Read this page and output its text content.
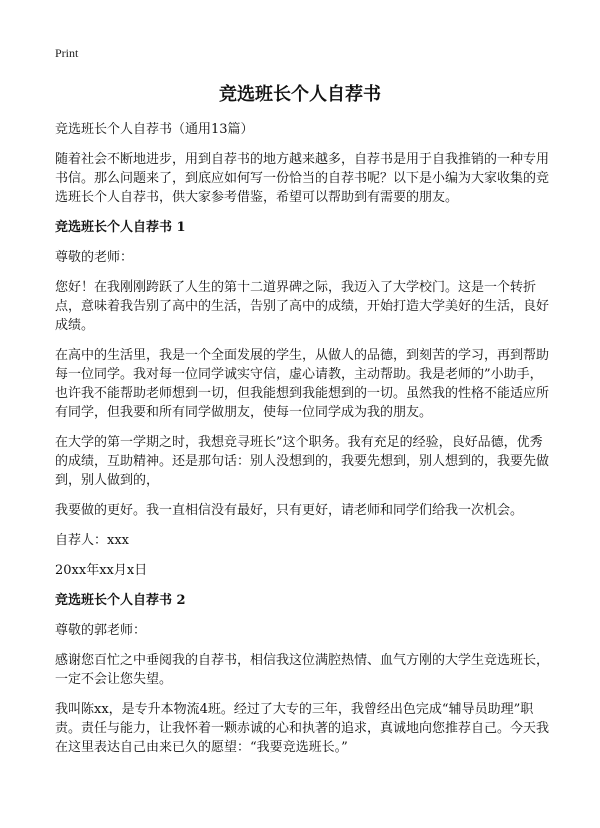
Print
竞选班长个人自荐书

竞选班长个人自荐书（通用13篇）

随着社会不断地进步，用到自荐书的地方越来越多，自荐书是用于自我推销的一种专用书信。那么问题来了，到底应如何写一份恰当的自荐书呢？以下是小编为大家收集的竞选班长个人自荐书，供大家参考借鉴，希望可以帮助到有需要的朋友。

竞选班长个人自荐书 1

尊敬的老师：

您好！在我刚刚跨跃了人生的第十二道界碑之际，我迈入了大学校门。这是一个转折点，意味着我告别了高中的生活，告别了高中的成绩，开始打造大学美好的生活，良好成绩。

在高中的生活里，我是一个全面发展的学生，从做人的品德，到刻苦的学习，再到帮助每一位同学。我对每一位同学诚实守信，虚心请教，主动帮助。我是老师的”小助手，也许我不能帮助老师想到一切，但我能想到我能想到的一切。虽然我的性格不能适应所有同学，但我要和所有同学做朋友，使每一位同学成为我的朋友。

在大学的第一学期之时，我想竞寻班长”这个职务。我有充足的经验，良好品德，优秀的成绩，互助精神。还是那句话：别人没想到的，我要先想到，别人想到的，我要先做到，别人做到的，

我要做的更好。我一直相信没有最好，只有更好，请老师和同学们给我一次机会。

自荐人：xxx

20xx年xx月x日

竞选班长个人自荐书 2

尊敬的郭老师：

感谢您百忙之中垂阅我的自荐书，相信我这位满腔热情、血气方刚的大学生竞选班长，一定不会让您失望。

我叫陈xx，是专升本物流4班。经过了大专的三年，我曾经出色完成“辅导员助理”职责。责任与能力，让我怀着一颗赤诚的心和执著的追求，真诚地向您推荐自己。今天我在这里表达自己由来已久的愿望：“我要竞选班长。”
